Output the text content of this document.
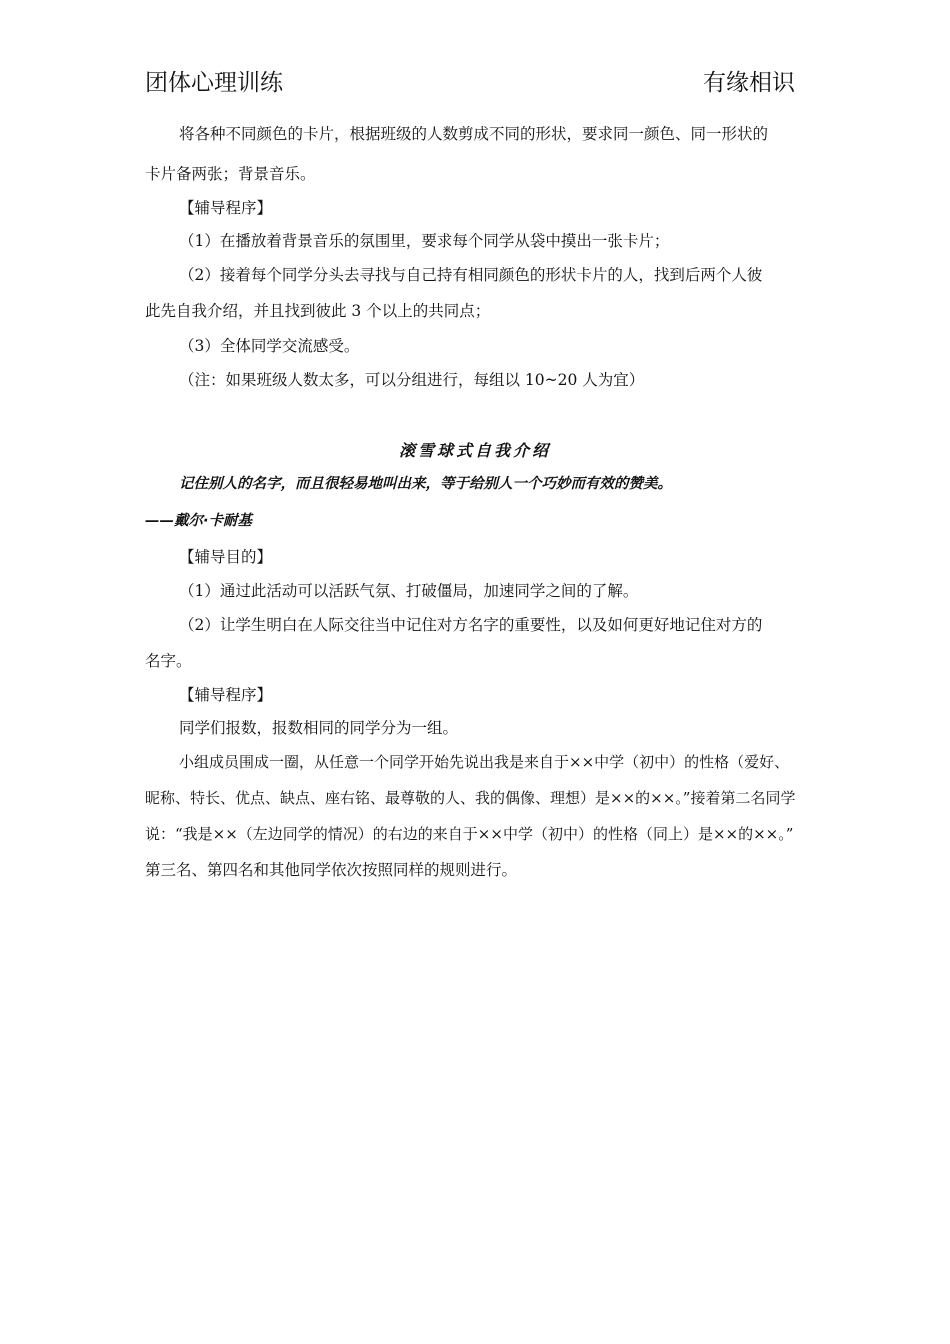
团体心理训练	有缘相识
将各种不同颜色的卡片，根据班级的人数剪成不同的形状，要求同一颜色、同一形状的
卡片备两张；背景音乐。
【辅导程序】
（1）在播放着背景音乐的氛围里，要求每个同学从袋中摸出一张卡片；
（2）接着每个同学分头去寻找与自己持有相同颜色的形状卡片的人，找到后两个人彼
此先自我介绍，并且找到彼此 3 个以上的共同点；
（3）全体同学交流感受。
（注：如果班级人数太多，可以分组进行，每组以 10~20 人为宜）
滚雪球式自我介绍
记住别人的名字，而且很轻易地叫出来，等于给别人一个巧妙而有效的赞美。
——戴尔·卡耐基
【辅导目的】
（1）通过此活动可以活跃气氛、打破僵局，加速同学之间的了解。
（2）让学生明白在人际交往当中记住对方名字的重要性，以及如何更好地记住对方的
名字。
【辅导程序】
同学们报数，报数相同的同学分为一组。
小组成员围成一圈，从任意一个同学开始先说出我是来自于××中学（初中）的性格（爱好、
昵称、特长、优点、缺点、座右铭、最尊敬的人、我的偶像、理想）是××的××。”接着第二名同学
说：“我是××（左边同学的情况）的右边的来自于××中学（初中）的性格（同上）是××的××。”
第三名、第四名和其他同学依次按照同样的规则进行。
